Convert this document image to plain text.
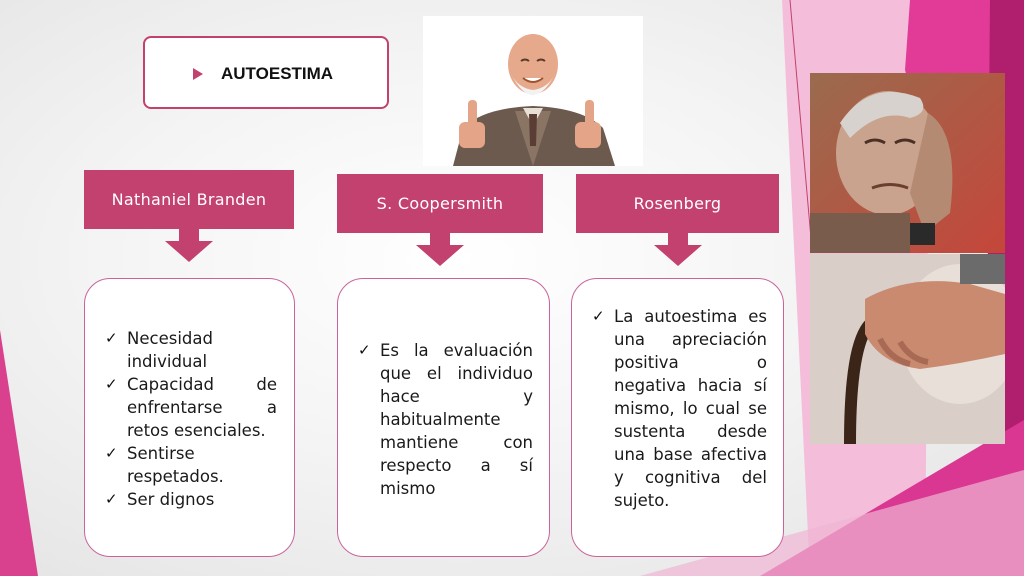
AUTOESTIMA
Nathaniel Branden	S. Coopersmith	Rosenberg
✓ Necesidad individual
✓ Capacidad de enfrentarse a retos esenciales.
✓ Sentirse respetados.
✓ Ser dignos
✓ Es la evaluación que el individuo hace y habitualmente mantiene con respecto a sí mismo
✓ La autoestima es una apreciación positiva o negativa hacia sí mismo, lo cual se sustenta desde una base afectiva y cognitiva del sujeto.
